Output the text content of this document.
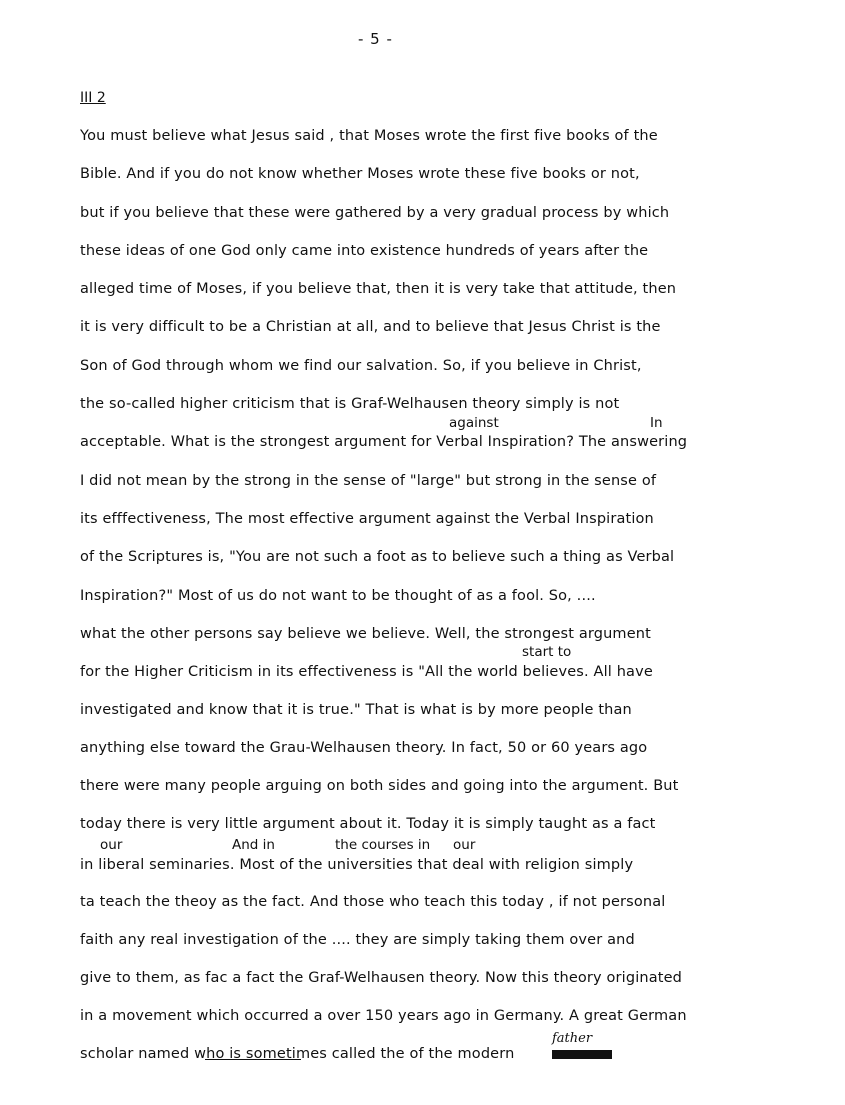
- 5 -
III 2
You must believe what Jesus said , that Moses wrote the first five books of the
Bible. And if you do not know whether Moses wrote these five books or not,
but if you believe that these were gathered by a very gradual process by which
these ideas of one God only came into existence hundreds of years after the
alleged time of Moses, if you believe that, then it is very take that attitude, then
it is very difficult to be a Christian at all, and to believe that Jesus Christ is the
Son of God through whom we find our salvation. So, if you believe in Christ,
the so-called higher criticism that is Graf-Welhausen theory simply is not
against	In
acceptable. What is the strongest argument for Verbal Inspiration? The answering
I did not mean by the strong in the sense of "large" but strong in the sense of
its efffectiveness, The most effective argument against the Verbal Inspiration
of the Scriptures is, "You are not such a foot as to believe such a thing as Verbal
Inspiration?" Most of us do not want to be thought of as a fool. So, ....
what the other persons say believe we believe. Well, the strongest argument
start to
for the Higher Criticism in its effectiveness is "All the world believes. All have
investigated and know that it is true." That is what is by more people than
anything else toward the Grau-Welhausen theory. In fact, 50 or 60 years ago
there were many people arguing on both sides and going into the argument. But
today there is very little argument about it. Today it is simply taught as a fact
our	And in	the courses in our
in liberal seminaries. Most of the universities that deal with religion simply
ta teach the theoy as the fact. And those who teach this today , if not personal
faith any real investigation of the .... they are simply taking them over and
give to them, as fac a fact the Graf-Welhausen theory. Now this theory originated
in a movement which occurred a over 150 years ago in Germany. A great German
father
scholar named who is sometimes called the of the modern
